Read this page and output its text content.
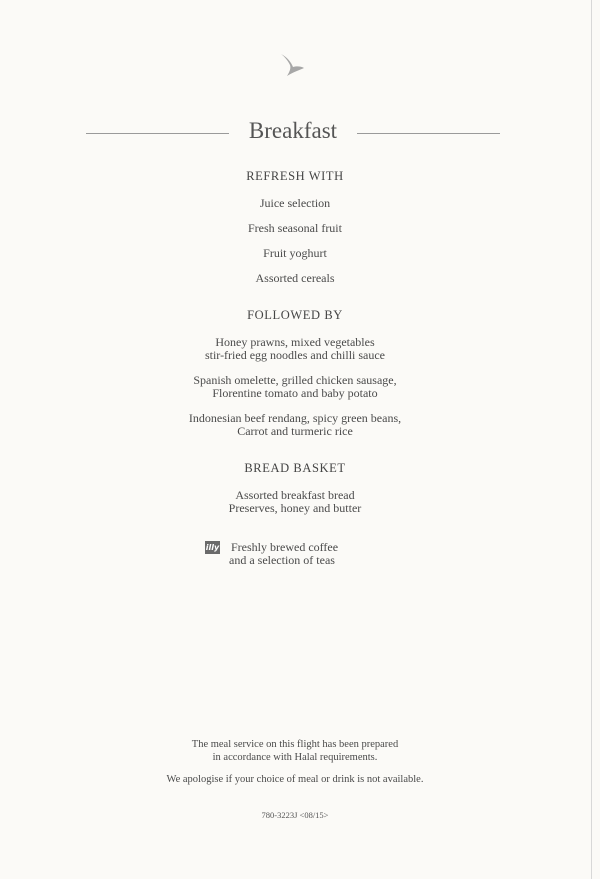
Breakfast

REFRESH WITH

Juice selection

Fresh seasonal fruit

Fruit yoghurt

Assorted cereals

FOLLOWED BY

Honey prawns, mixed vegetables

stir-fried egg noodles and chilli sauce

Spanish omelette, grilled chicken sausage,

Florentine tomato and baby potato

Indonesian beef rendang, spicy green beans,

Carrot and turmeric rice

BREAD BASKET

Assorted breakfast bread

Preserves, honey and butter

illy Freshly brewed coffee
and a selection of teas
The meal service on this flight has been prepared
in accordance with Halal requirements.
We apologise if your choice of meal or drink is not available.
780-3223J <08/15>
